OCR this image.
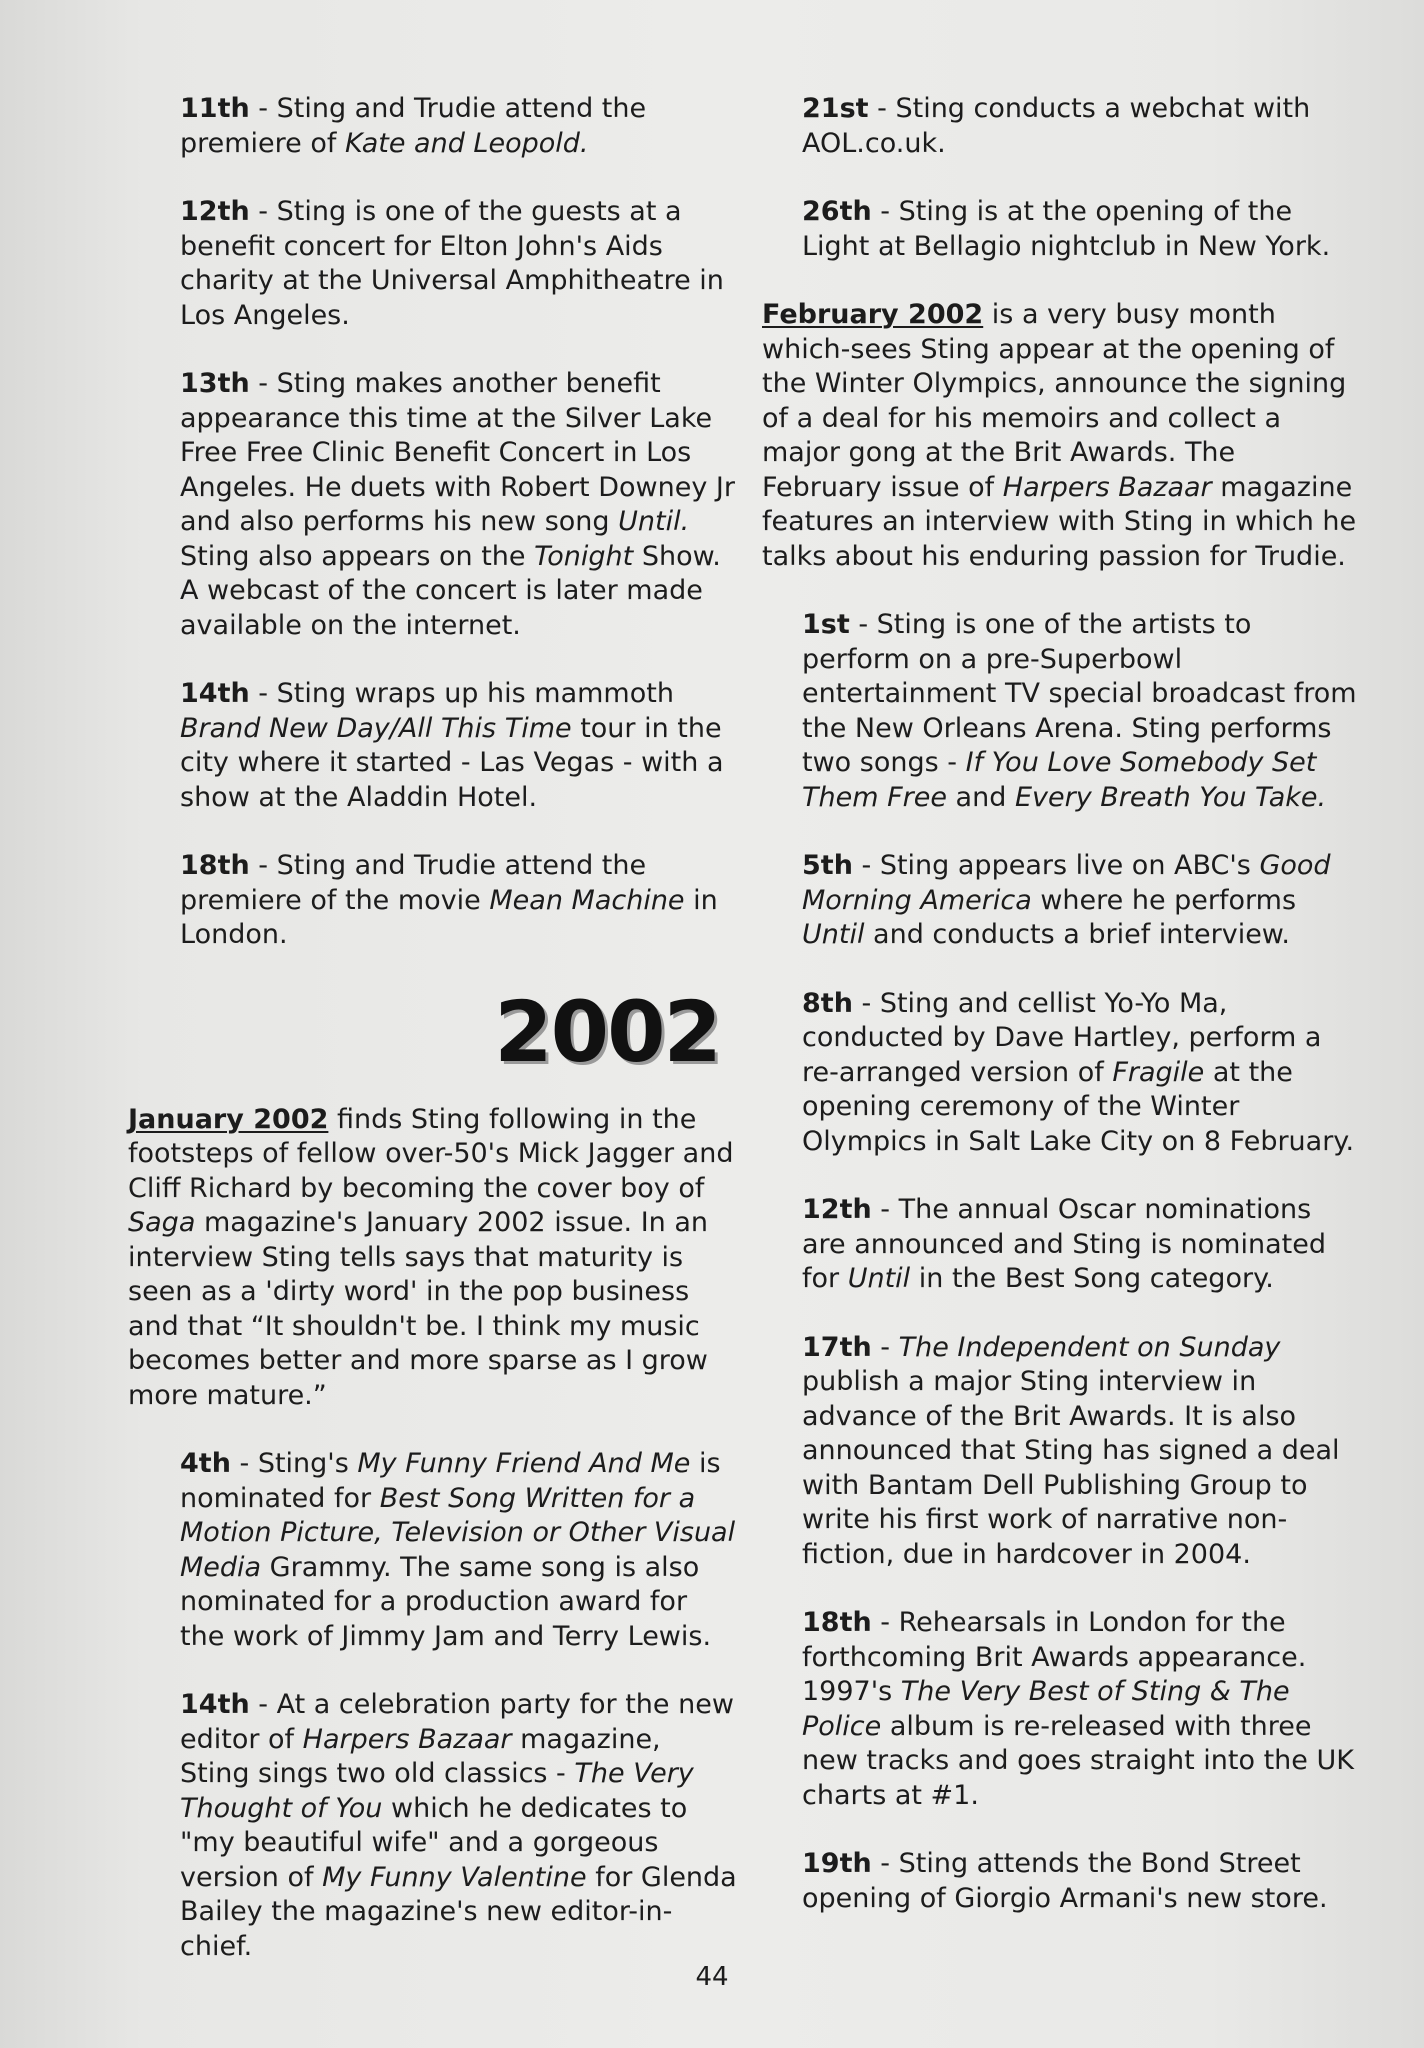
11th - Sting and Trudie attend the premiere of Kate and Leopold.

12th - Sting is one of the guests at a benefit concert for Elton John's Aids charity at the Universal Amphitheatre in Los Angeles.

13th - Sting makes another benefit appearance this time at the Silver Lake Free Free Clinic Benefit Concert in Los Angeles. He duets with Robert Downey Jr and also performs his new song Until. Sting also appears on the Tonight Show. A webcast of the concert is later made available on the internet.

14th - Sting wraps up his mammoth Brand New Day/All This Time tour in the city where it started - Las Vegas - with a show at the Aladdin Hotel.

18th - Sting and Trudie attend the premiere of the movie Mean Machine in London.

2002

January 2002 finds Sting following in the footsteps of fellow over-50's Mick Jagger and Cliff Richard by becoming the cover boy of Saga magazine's January 2002 issue. In an interview Sting tells says that maturity is seen as a 'dirty word' in the pop business and that “It shouldn't be. I think my music becomes better and more sparse as I grow more mature.”

4th - Sting's My Funny Friend And Me is nominated for Best Song Written for a Motion Picture, Television or Other Visual Media Grammy. The same song is also nominated for a production award for the work of Jimmy Jam and Terry Lewis.

14th - At a celebration party for the new editor of Harpers Bazaar magazine, Sting sings two old classics - The Very Thought of You which he dedicates to "my beautiful wife" and a gorgeous version of My Funny Valentine for Glenda Bailey the magazine's new editor-in-chief.

21st - Sting conducts a webchat with AOL.co.uk.

26th - Sting is at the opening of the Light at Bellagio nightclub in New York.

February 2002 is a very busy month which-sees Sting appear at the opening of the Winter Olympics, announce the signing of a deal for his memoirs and collect a major gong at the Brit Awards. The February issue of Harpers Bazaar magazine features an interview with Sting in which he talks about his enduring passion for Trudie.

1st - Sting is one of the artists to perform on a pre-Superbowl entertainment TV special broadcast from the New Orleans Arena. Sting performs two songs - If You Love Somebody Set Them Free and Every Breath You Take.

5th - Sting appears live on ABC's Good Morning America where he performs Until and conducts a brief interview.

8th - Sting and cellist Yo-Yo Ma, conducted by Dave Hartley, perform a re-arranged version of Fragile at the opening ceremony of the Winter Olympics in Salt Lake City on 8 February.

12th - The annual Oscar nominations are announced and Sting is nominated for Until in the Best Song category.

17th - The Independent on Sunday publish a major Sting interview in advance of the Brit Awards. It is also announced that Sting has signed a deal with Bantam Dell Publishing Group to write his first work of narrative non-fiction, due in hardcover in 2004.

18th - Rehearsals in London for the forthcoming Brit Awards appearance. 1997's The Very Best of Sting & The Police album is re-released with three new tracks and goes straight into the UK charts at #1.

19th - Sting attends the Bond Street opening of Giorgio Armani's new store.

44
